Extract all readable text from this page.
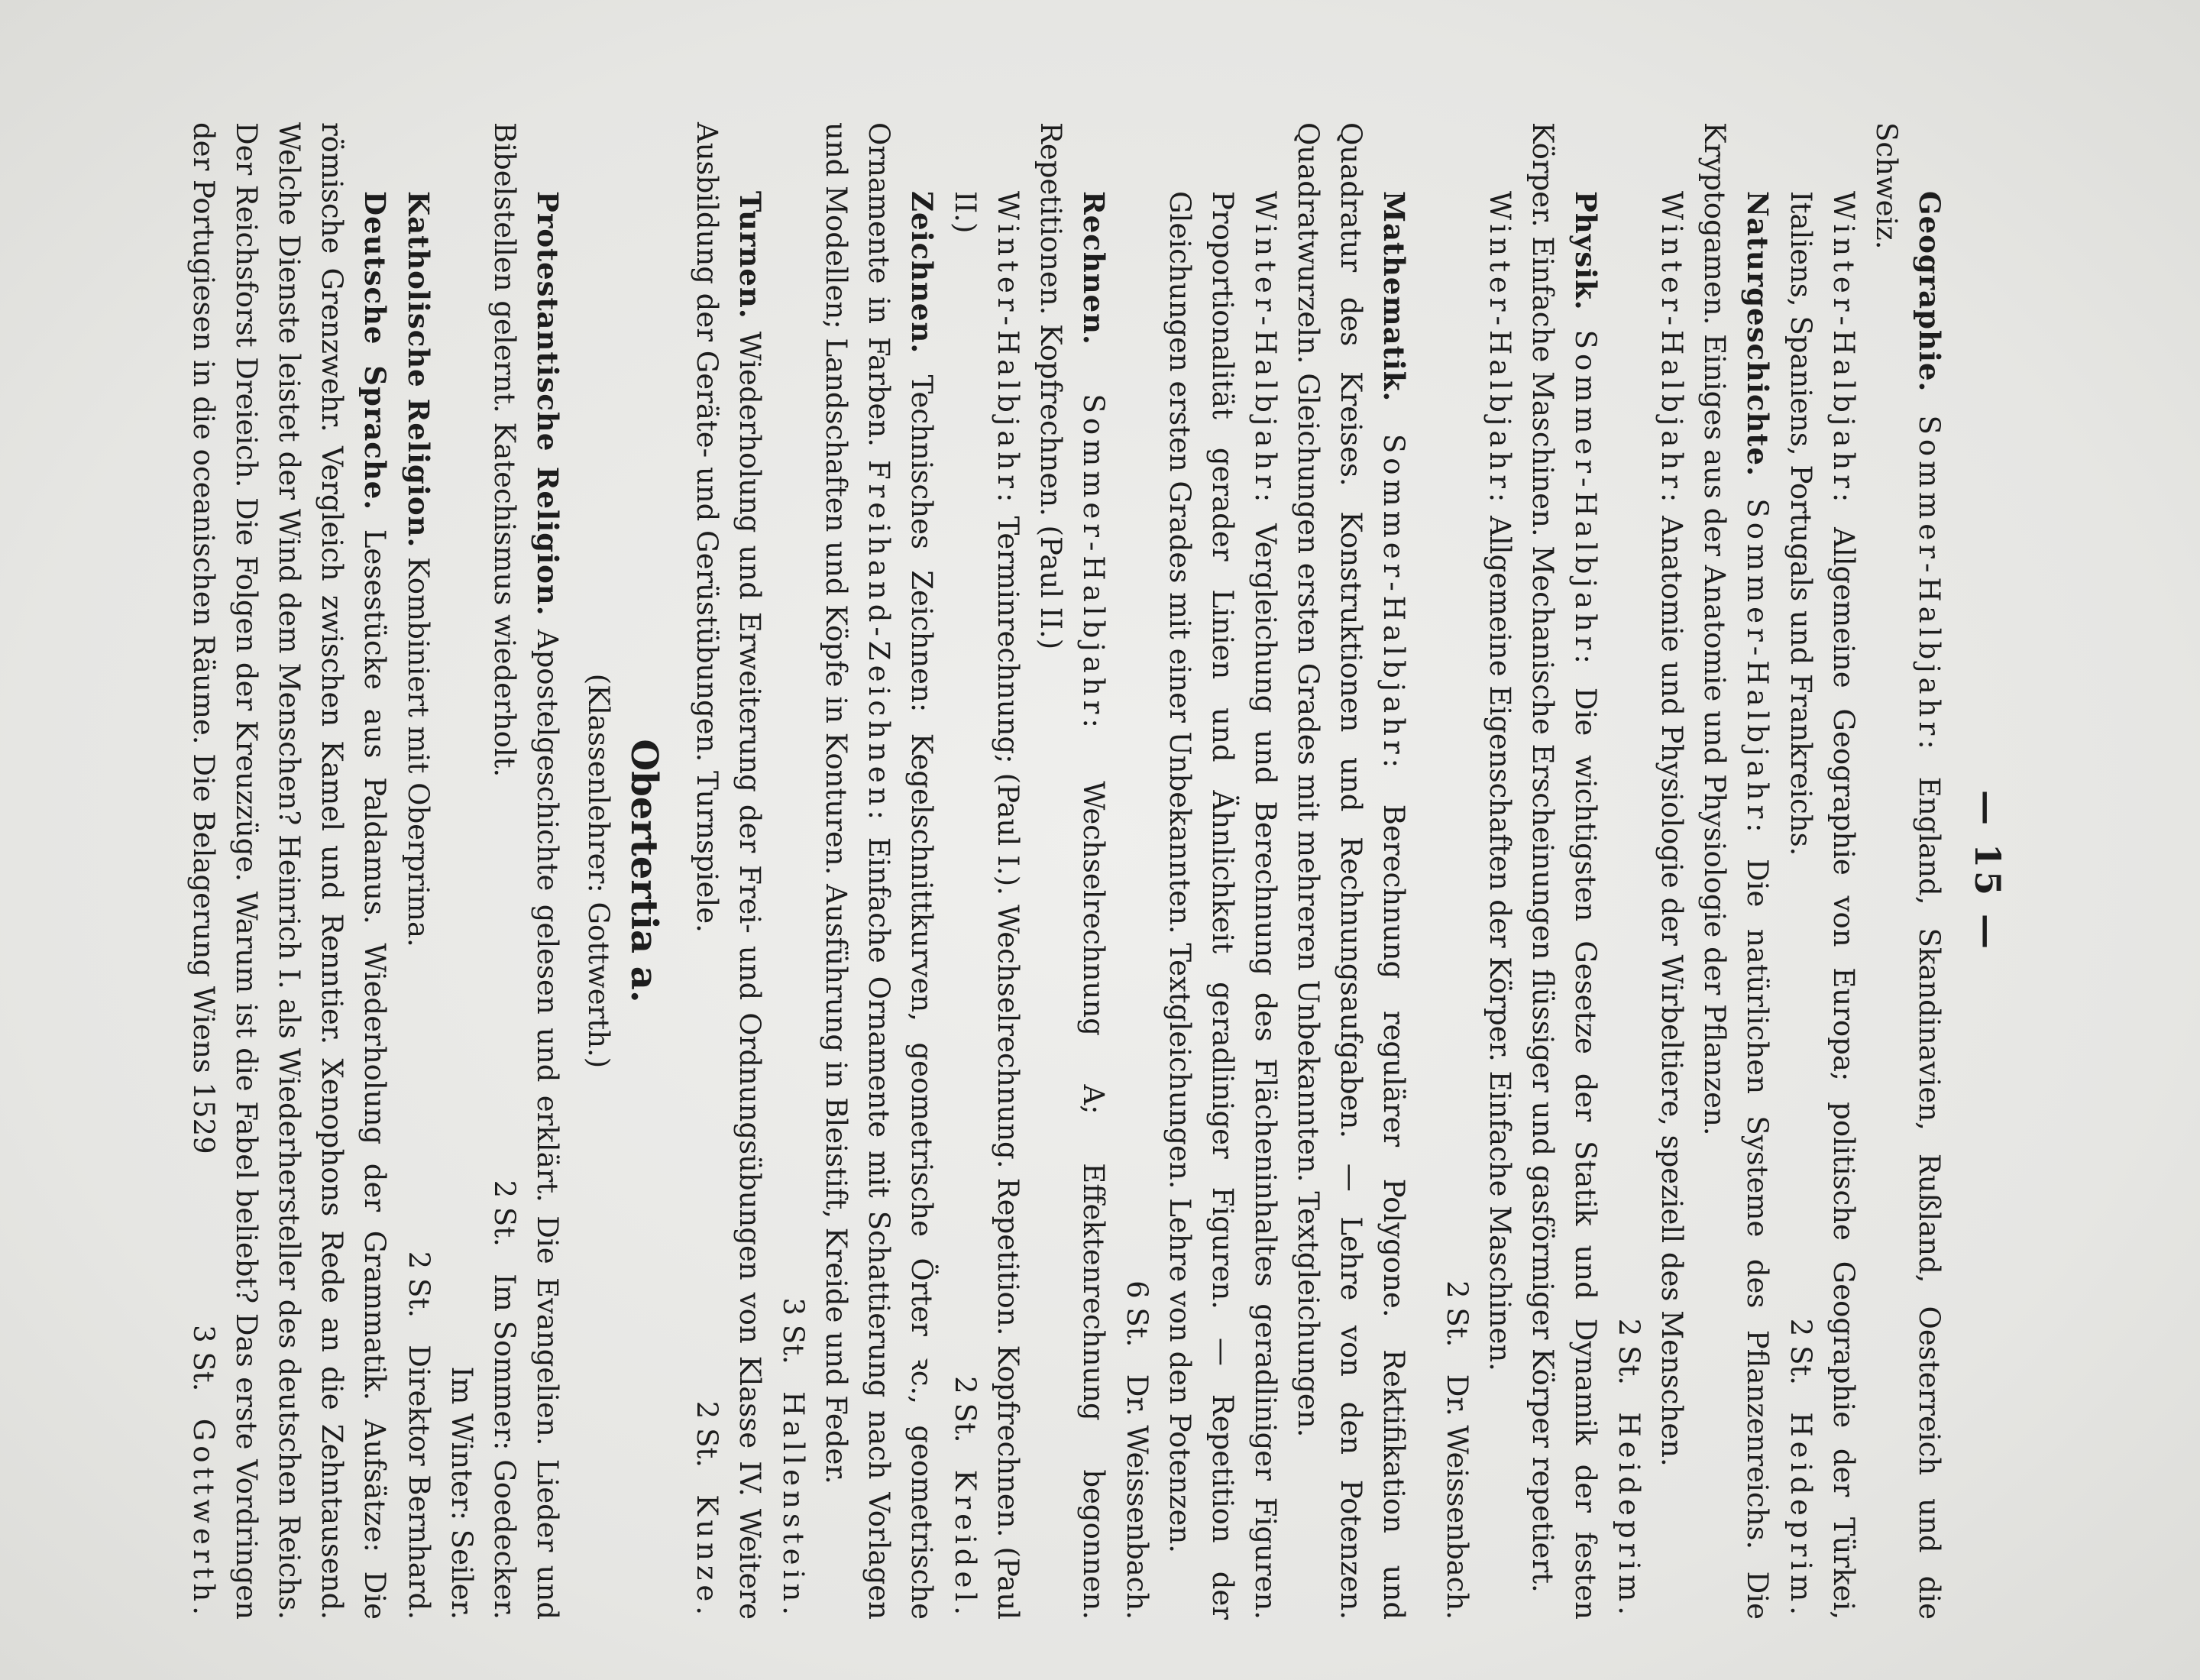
— 15 —

Geographie. Sommer-Halbjahr: England, Skandinavien, Rußland, Oesterreich und die Schweiz.

Winter-Halbjahr: Allgemeine Geographie von Europa; politische Geographie der Türkei, Italiens, Spaniens, Portugals und Frankreichs.
2 St.   Heideprim.

Naturgeschichte. Sommer-Halbjahr: Die natürlichen Systeme des Pflanzenreichs. Die Kryptogamen. Einiges aus der Anatomie und Physiologie der Pflanzen.

Winter-Halbjahr: Anatomie und Physiologie der Wirbeltiere, speziell des Menschen.
2 St.   Heideprim.

Physik. Sommer-Halbjahr: Die wichtigsten Gesetze der Statik und Dynamik der festen Körper. Einfache Maschinen. Mechanische Erscheinungen flüssiger und gasförmiger Körper repetiert.

Winter-Halbjahr: Allgemeine Eigenschaften der Körper. Einfache Maschinen.
2 St.   Dr. Weissenbach.

Mathematik. Sommer-Halbjahr: Berechnung regulärer Polygone. Rektifikation und Quadratur des Kreises. Konstruktionen und Rechnungsaufgaben. — Lehre von den Potenzen. Quadratwurzeln. Gleichungen ersten Grades mit mehreren Unbekannten. Textgleichungen.

Winter-Halbjahr: Vergleichung und Berechnung des Flächeninhaltes geradliniger Figuren. Proportionalität gerader Linien und Ähnlichkeit geradliniger Figuren. — Repetition der Gleichungen ersten Grades mit einer Unbekannten. Textgleichungen. Lehre von den Potenzen.
6 St.   Dr. Weissenbach.

Rechnen. Sommer-Halbjahr: Wechselrechnung A; Effektenrechnung begonnen. Repetitionen. Kopfrechnen. (Paul II.)

Winter-Halbjahr: Terminrechnung; (Paul I.). Wechselrechnung. Repetition. Kopfrechnen. (Paul II.)
2 St.   Kreidel.

Zeichnen. Technisches Zeichnen: Kegelschnittkurven, geometrische Örter ꝛc., geometrische Ornamente in Farben. Freihand-Zeichnen: Einfache Ornamente mit Schattierung nach Vorlagen und Modellen; Landschaften und Köpfe in Konturen. Ausführung in Bleistift, Kreide und Feder.
3 St.   Hallenstein.

Turnen. Wiederholung und Erweiterung der Frei- und Ordnungsübungen von Klasse IV. Weitere Ausbildung der Geräte- und Gerüstübungen. Turnspiele.
2 St.   Kunze.

Obertertia a.
(Klassenlehrer: Gottwerth.)

Protestantische Religion. Apostelgeschichte gelesen und erklärt. Die Evangelien. Lieder und Bibelstellen gelernt. Katechismus wiederholt.
2 St.   Im Sommer: Goedecker.

Im Winter: Seiler.

Katholische Religion. Kombiniert mit Oberprima.
2 St.   Direktor Bernhard.

Deutsche Sprache. Lesestücke aus Paldamus. Wiederholung der Grammatik. Aufsätze: Die römische Grenzwehr. Vergleich zwischen Kamel und Renntier. Xenophons Rede an die Zehntausend. Welche Dienste leistet der Wind dem Menschen? Heinrich I. als Wiederhersteller des deutschen Reichs. Der Reichsforst Dreieich. Die Folgen der Kreuzzüge. Warum ist die Fabel beliebt? Das erste Vordringen der Portugiesen in die oceanischen Räume. Die Belagerung Wiens 1529
3 St.   Gottwerth.
